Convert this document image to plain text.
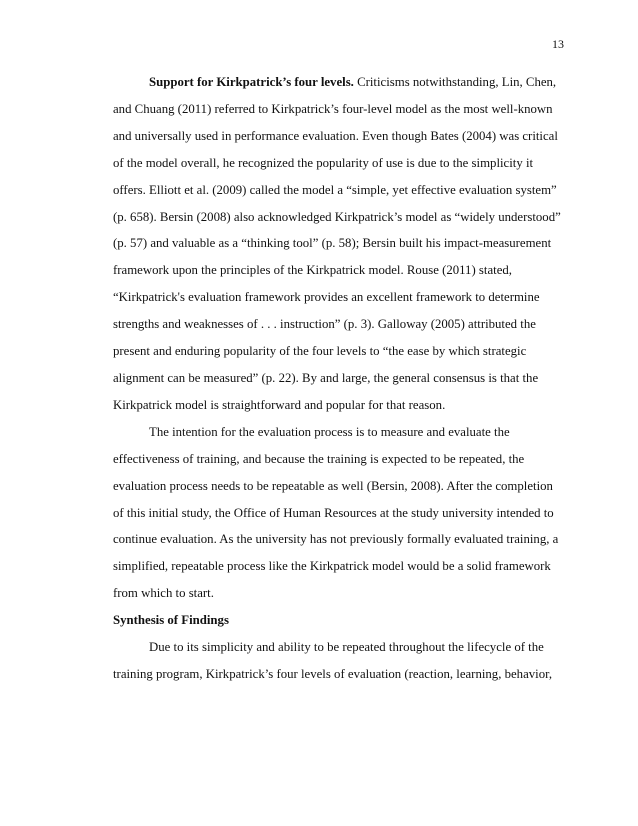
13

Support for Kirkpatrick’s four levels. Criticisms notwithstanding, Lin, Chen, and Chuang (2011) referred to Kirkpatrick’s four-level model as the most well-known and universally used in performance evaluation. Even though Bates (2004) was critical of the model overall, he recognized the popularity of use is due to the simplicity it offers. Elliott et al. (2009) called the model a “simple, yet effective evaluation system” (p. 658). Bersin (2008) also acknowledged Kirkpatrick’s model as “widely understood” (p. 57) and valuable as a “thinking tool” (p. 58); Bersin built his impact-measurement framework upon the principles of the Kirkpatrick model. Rouse (2011) stated, “Kirkpatrick's evaluation framework provides an excellent framework to determine strengths and weaknesses of . . . instruction” (p. 3). Galloway (2005) attributed the present and enduring popularity of the four levels to “the ease by which strategic alignment can be measured” (p. 22). By and large, the general consensus is that the Kirkpatrick model is straightforward and popular for that reason.

The intention for the evaluation process is to measure and evaluate the effectiveness of training, and because the training is expected to be repeated, the evaluation process needs to be repeatable as well (Bersin, 2008). After the completion of this initial study, the Office of Human Resources at the study university intended to continue evaluation. As the university has not previously formally evaluated training, a simplified, repeatable process like the Kirkpatrick model would be a solid framework from which to start.

Synthesis of Findings

Due to its simplicity and ability to be repeated throughout the lifecycle of the training program, Kirkpatrick’s four levels of evaluation (reaction, learning, behavior,
